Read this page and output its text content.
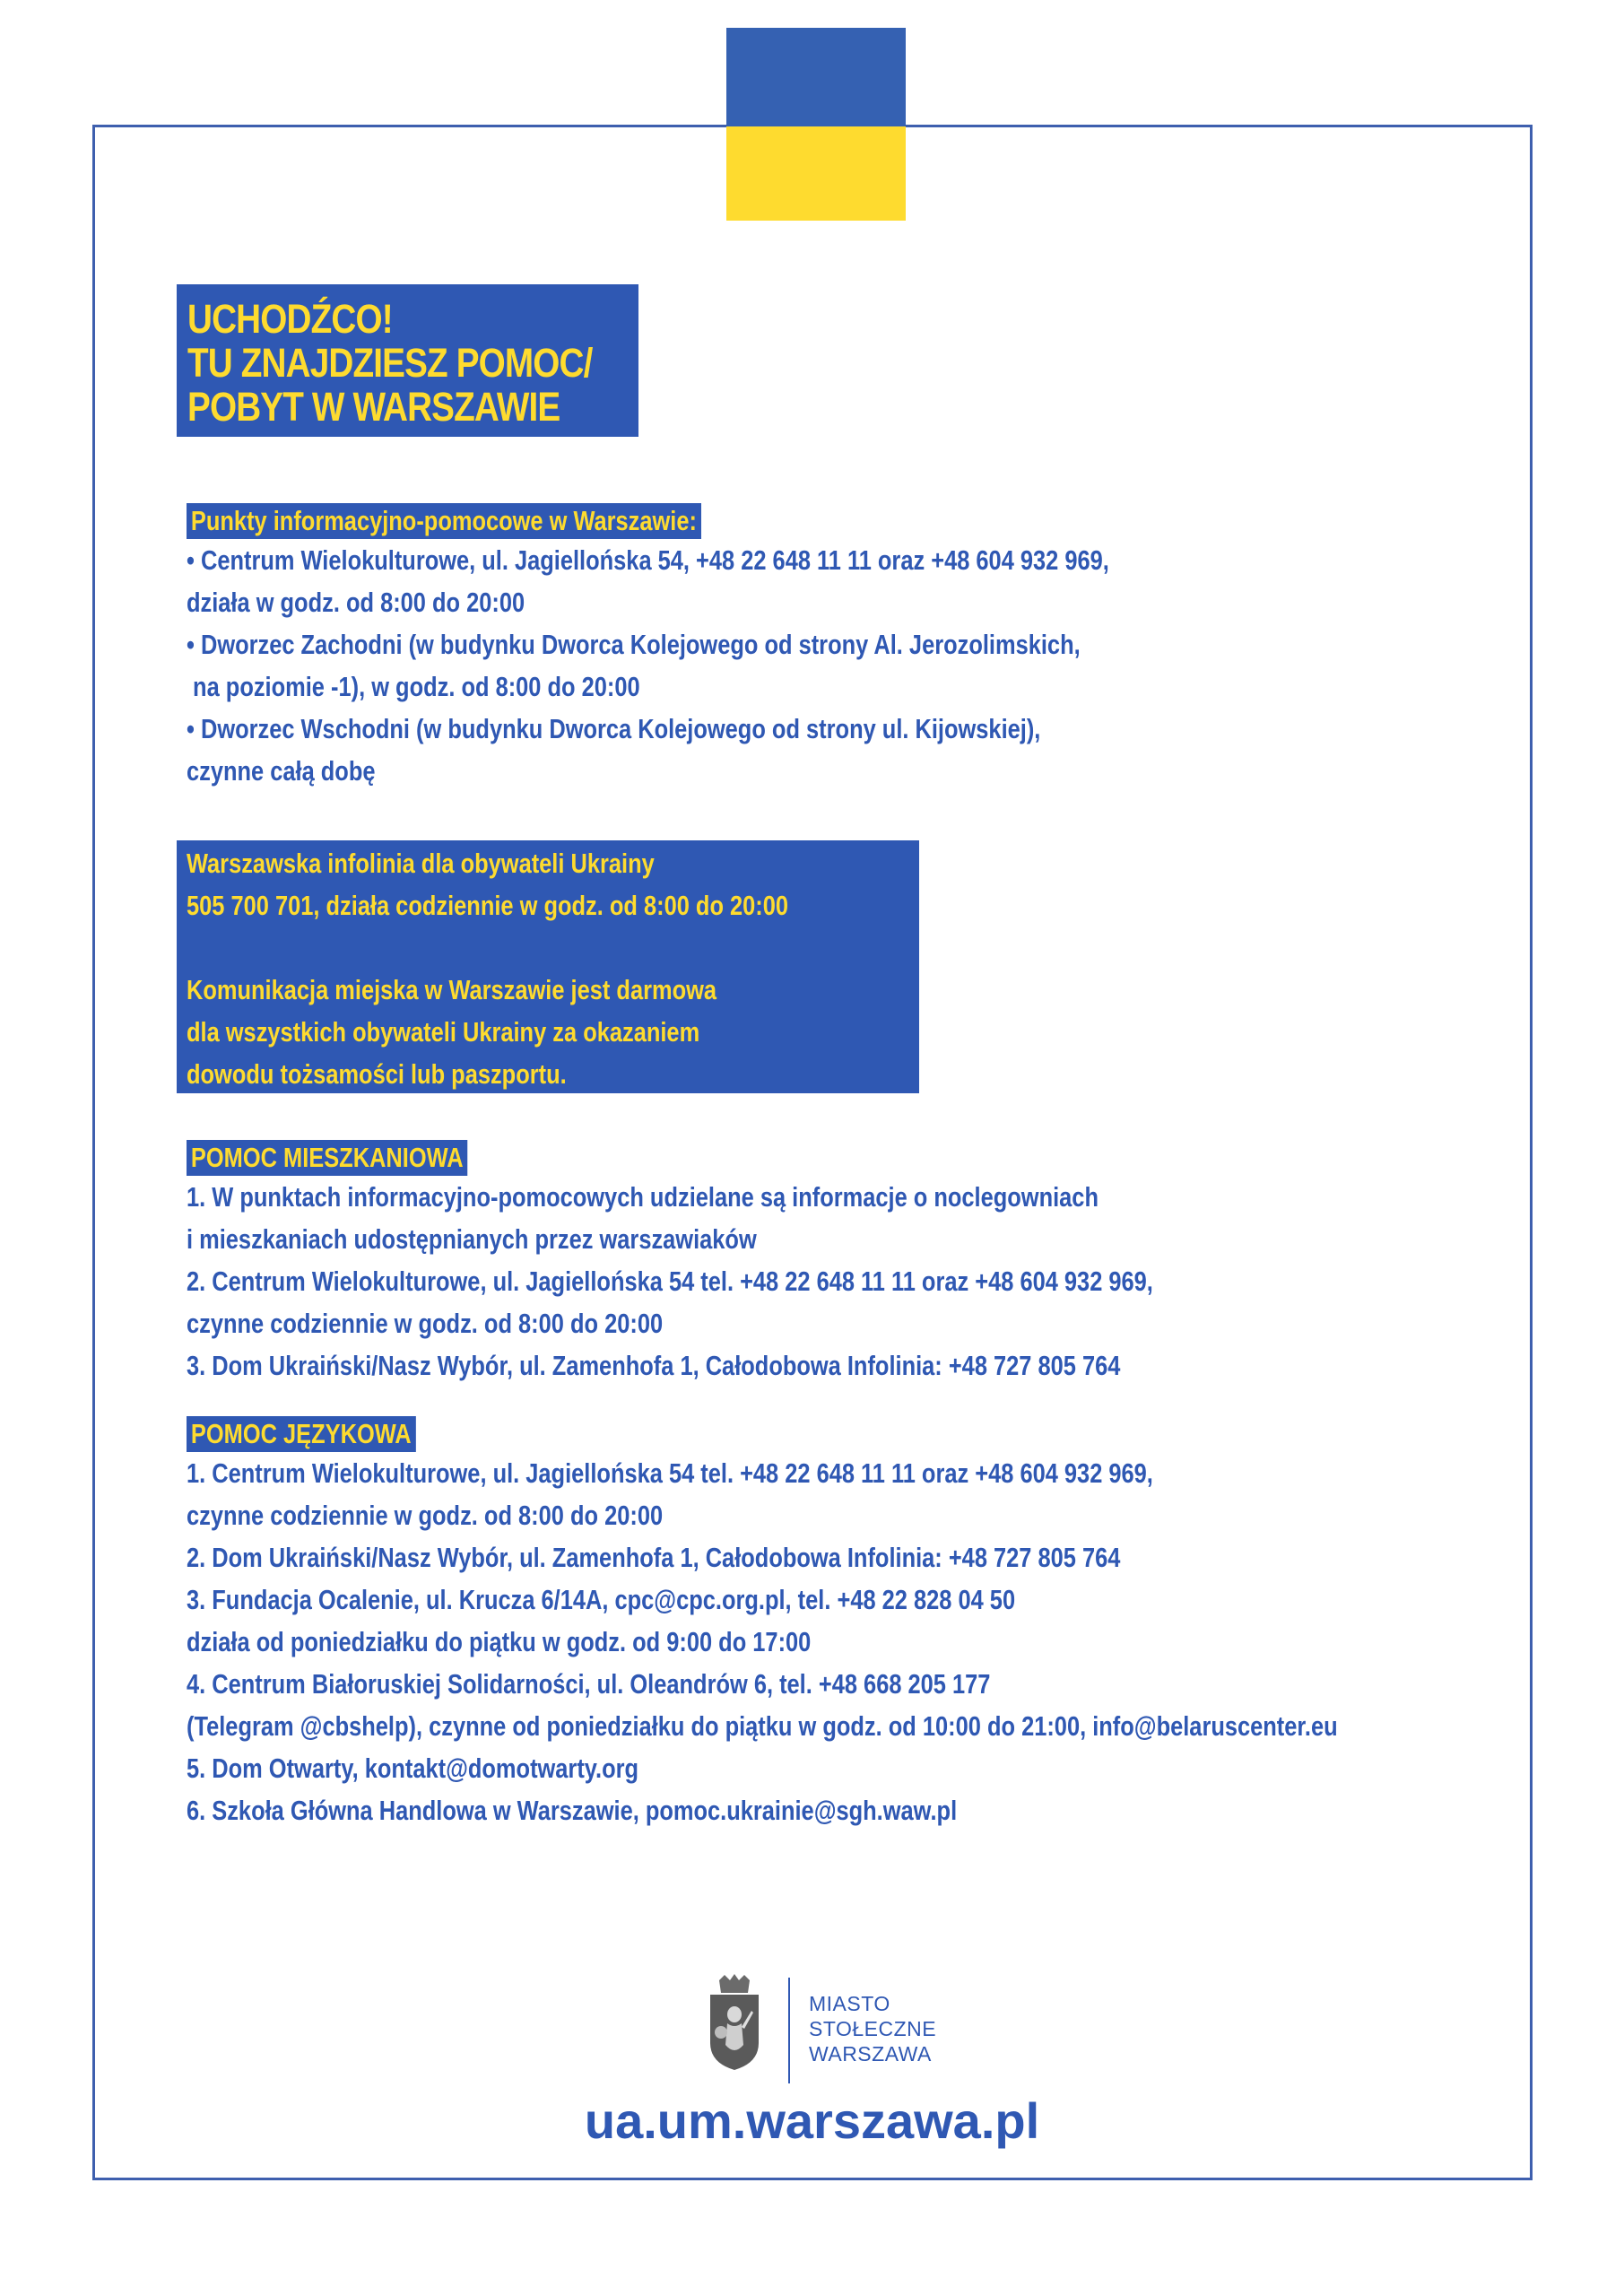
UCHODŹCO!
TU ZNAJDZIESZ POMOC/
POBYT W WARSZAWIE
Punkty informacyjno-pomocowe w Warszawie:
• Centrum Wielokulturowe, ul. Jagiellońska 54, +48 22 648 11 11 oraz +48 604 932 969,
działa w godz. od 8:00 do 20:00
• Dworzec Zachodni (w budynku Dworca Kolejowego od strony Al. Jerozolimskich,
na poziomie -1), w godz. od 8:00 do 20:00
• Dworzec Wschodni (w budynku Dworca Kolejowego od strony ul. Kijowskiej),
czynne całą dobę
Warszawska infolinia dla obywateli Ukrainy
505 700 701, działa codziennie w godz. od 8:00 do 20:00
Komunikacja miejska w Warszawie jest darmowa
dla wszystkich obywateli Ukrainy za okazaniem
dowodu tożsamości lub paszportu.
POMOC MIESZKANIOWA
1. W punktach informacyjno-pomocowych udzielane są informacje o noclegowniach
i mieszkaniach udostępnianych przez warszawiaków
2. Centrum Wielokulturowe, ul. Jagiellońska 54 tel. +48 22 648 11 11 oraz +48 604 932 969,
czynne codziennie w godz. od 8:00 do 20:00
3. Dom Ukraiński/Nasz Wybór, ul. Zamenhofa 1, Całodobowa Infolinia: +48 727 805 764
POMOC JĘZYKOWA
1. Centrum Wielokulturowe, ul. Jagiellońska 54 tel. +48 22 648 11 11 oraz +48 604 932 969,
czynne codziennie w godz. od 8:00 do 20:00
2. Dom Ukraiński/Nasz Wybór, ul. Zamenhofa 1, Całodobowa Infolinia: +48 727 805 764
3. Fundacja Ocalenie, ul. Krucza 6/14A, cpc@cpc.org.pl, tel. +48 22 828 04 50
działa od poniedziałku do piątku w godz. od 9:00 do 17:00
4. Centrum Białoruskiej Solidarności, ul. Oleandrów 6, tel. +48 668 205 177
(Telegram @cbshelp), czynne od poniedziałku do piątku w godz. od 10:00 do 21:00, info@belaruscenter.eu
5. Dom Otwarty, kontakt@domotwarty.org
6. Szkoła Główna Handlowa w Warszawie, pomoc.ukrainie@sgh.waw.pl
MIASTO
STOŁECZNE
WARSZAWA
ua.um.warszawa.pl
